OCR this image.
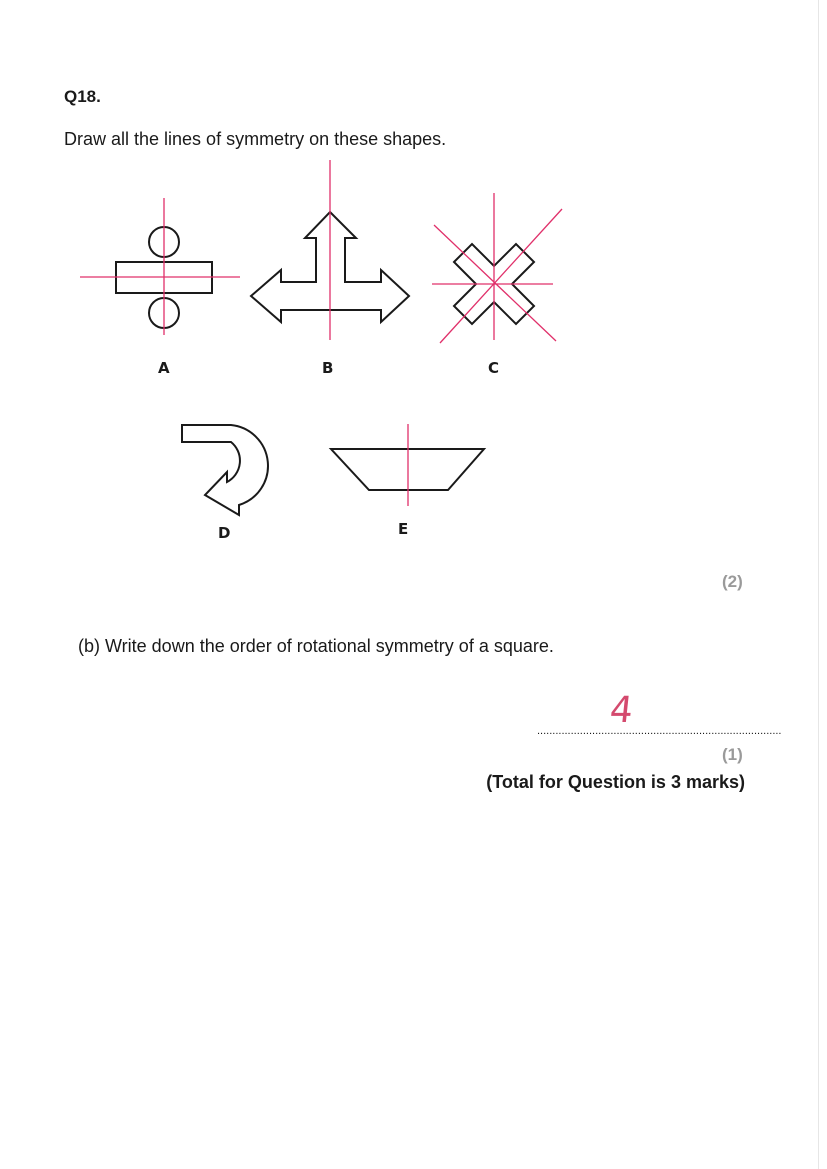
Q18.
Draw all the lines of symmetry on these shapes.
A	B	C
D	E
(2)
(b) Write down the order of rotational symmetry of a square.
4
................................................................................
(1)
(Total for Question is 3 marks)
